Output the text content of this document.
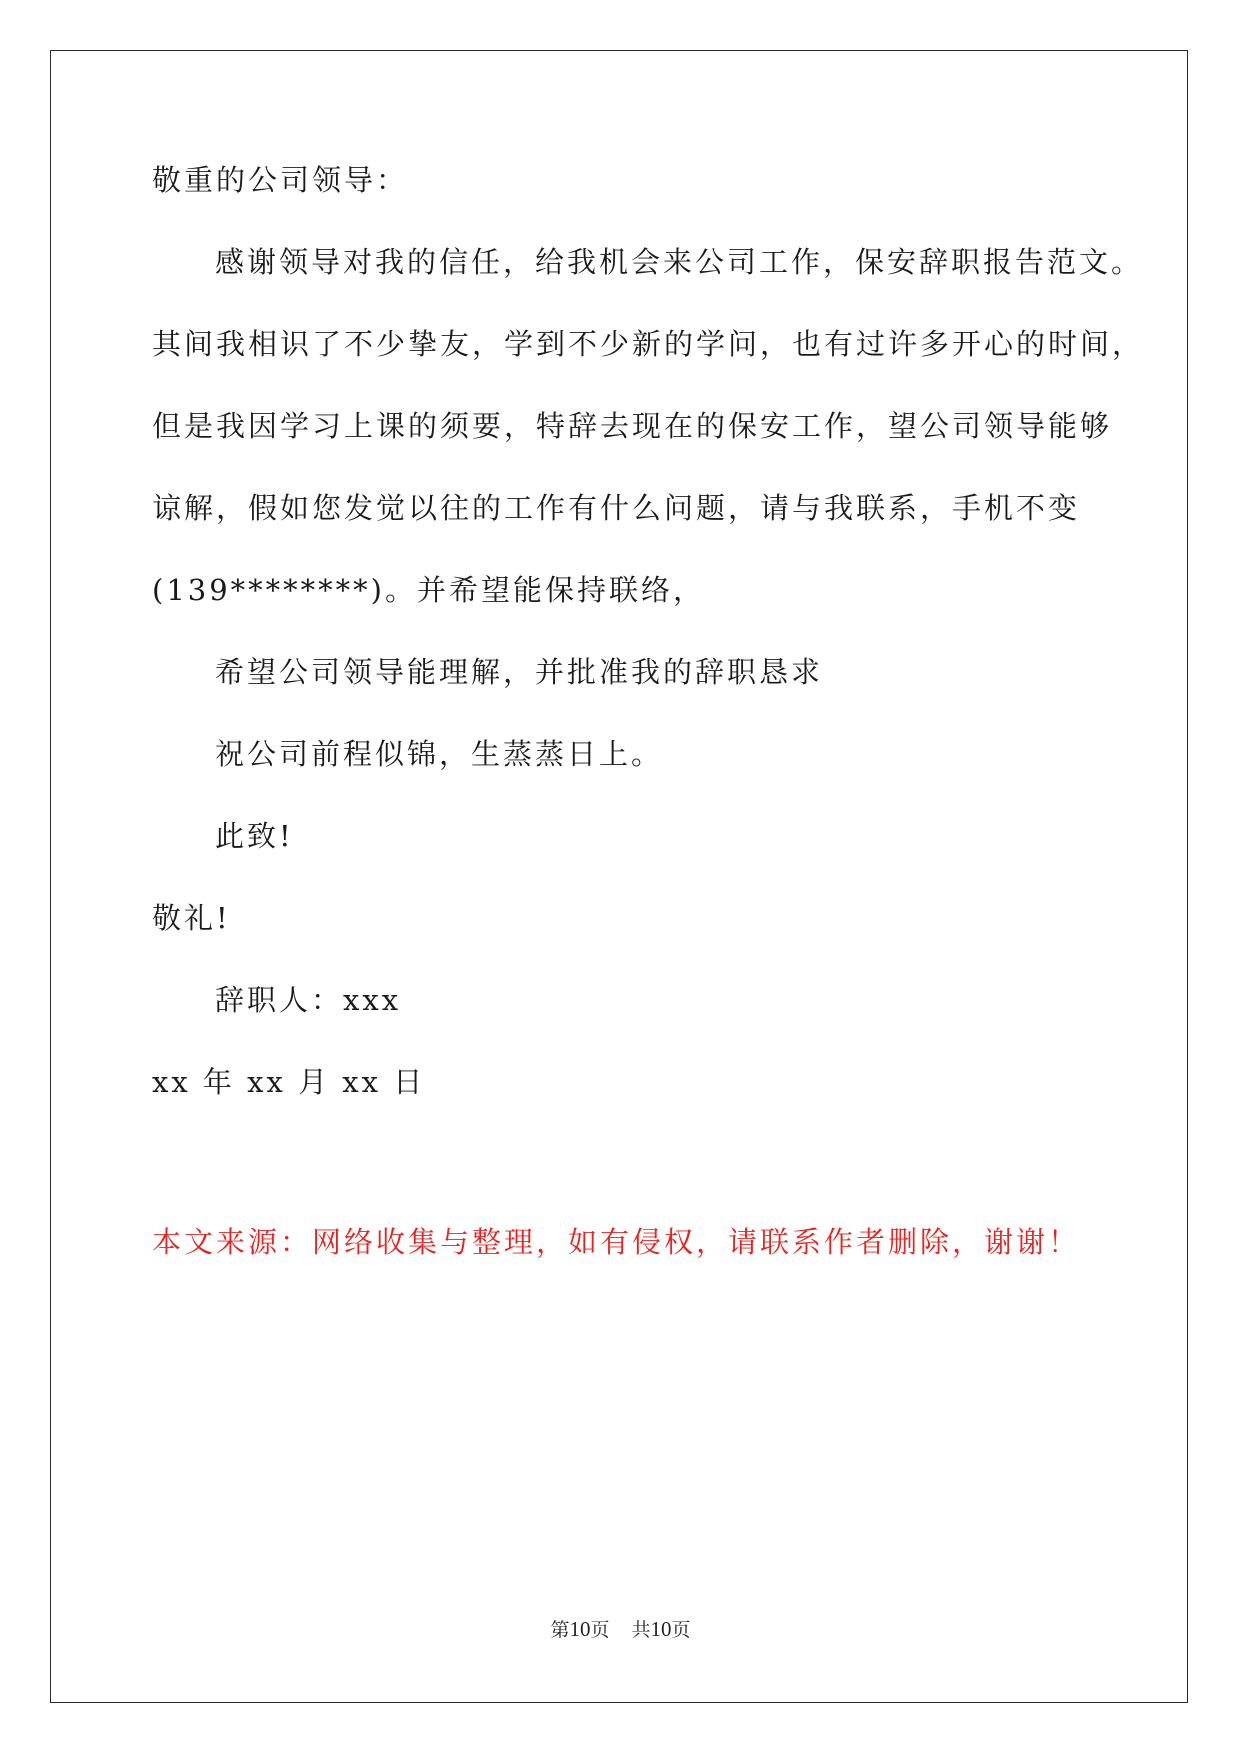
敬重的公司领导：
感谢领导对我的信任，给我机会来公司工作，保安辞职报告范文。
其间我相识了不少挚友，学到不少新的学问，也有过许多开心的时间，
但是我因学习上课的须要，特辞去现在的保安工作，望公司领导能够
谅解，假如您发觉以往的工作有什么问题，请与我联系，手机不变
(139********)。并希望能保持联络，
希望公司领导能理解，并批准我的辞职恳求
祝公司前程似锦，生蒸蒸日上。
此致!
敬礼!
辞职人：xxx
xx 年 xx 月 xx 日
本文来源：网络收集与整理，如有侵权，请联系作者删除，谢谢！
第10页 共10页
